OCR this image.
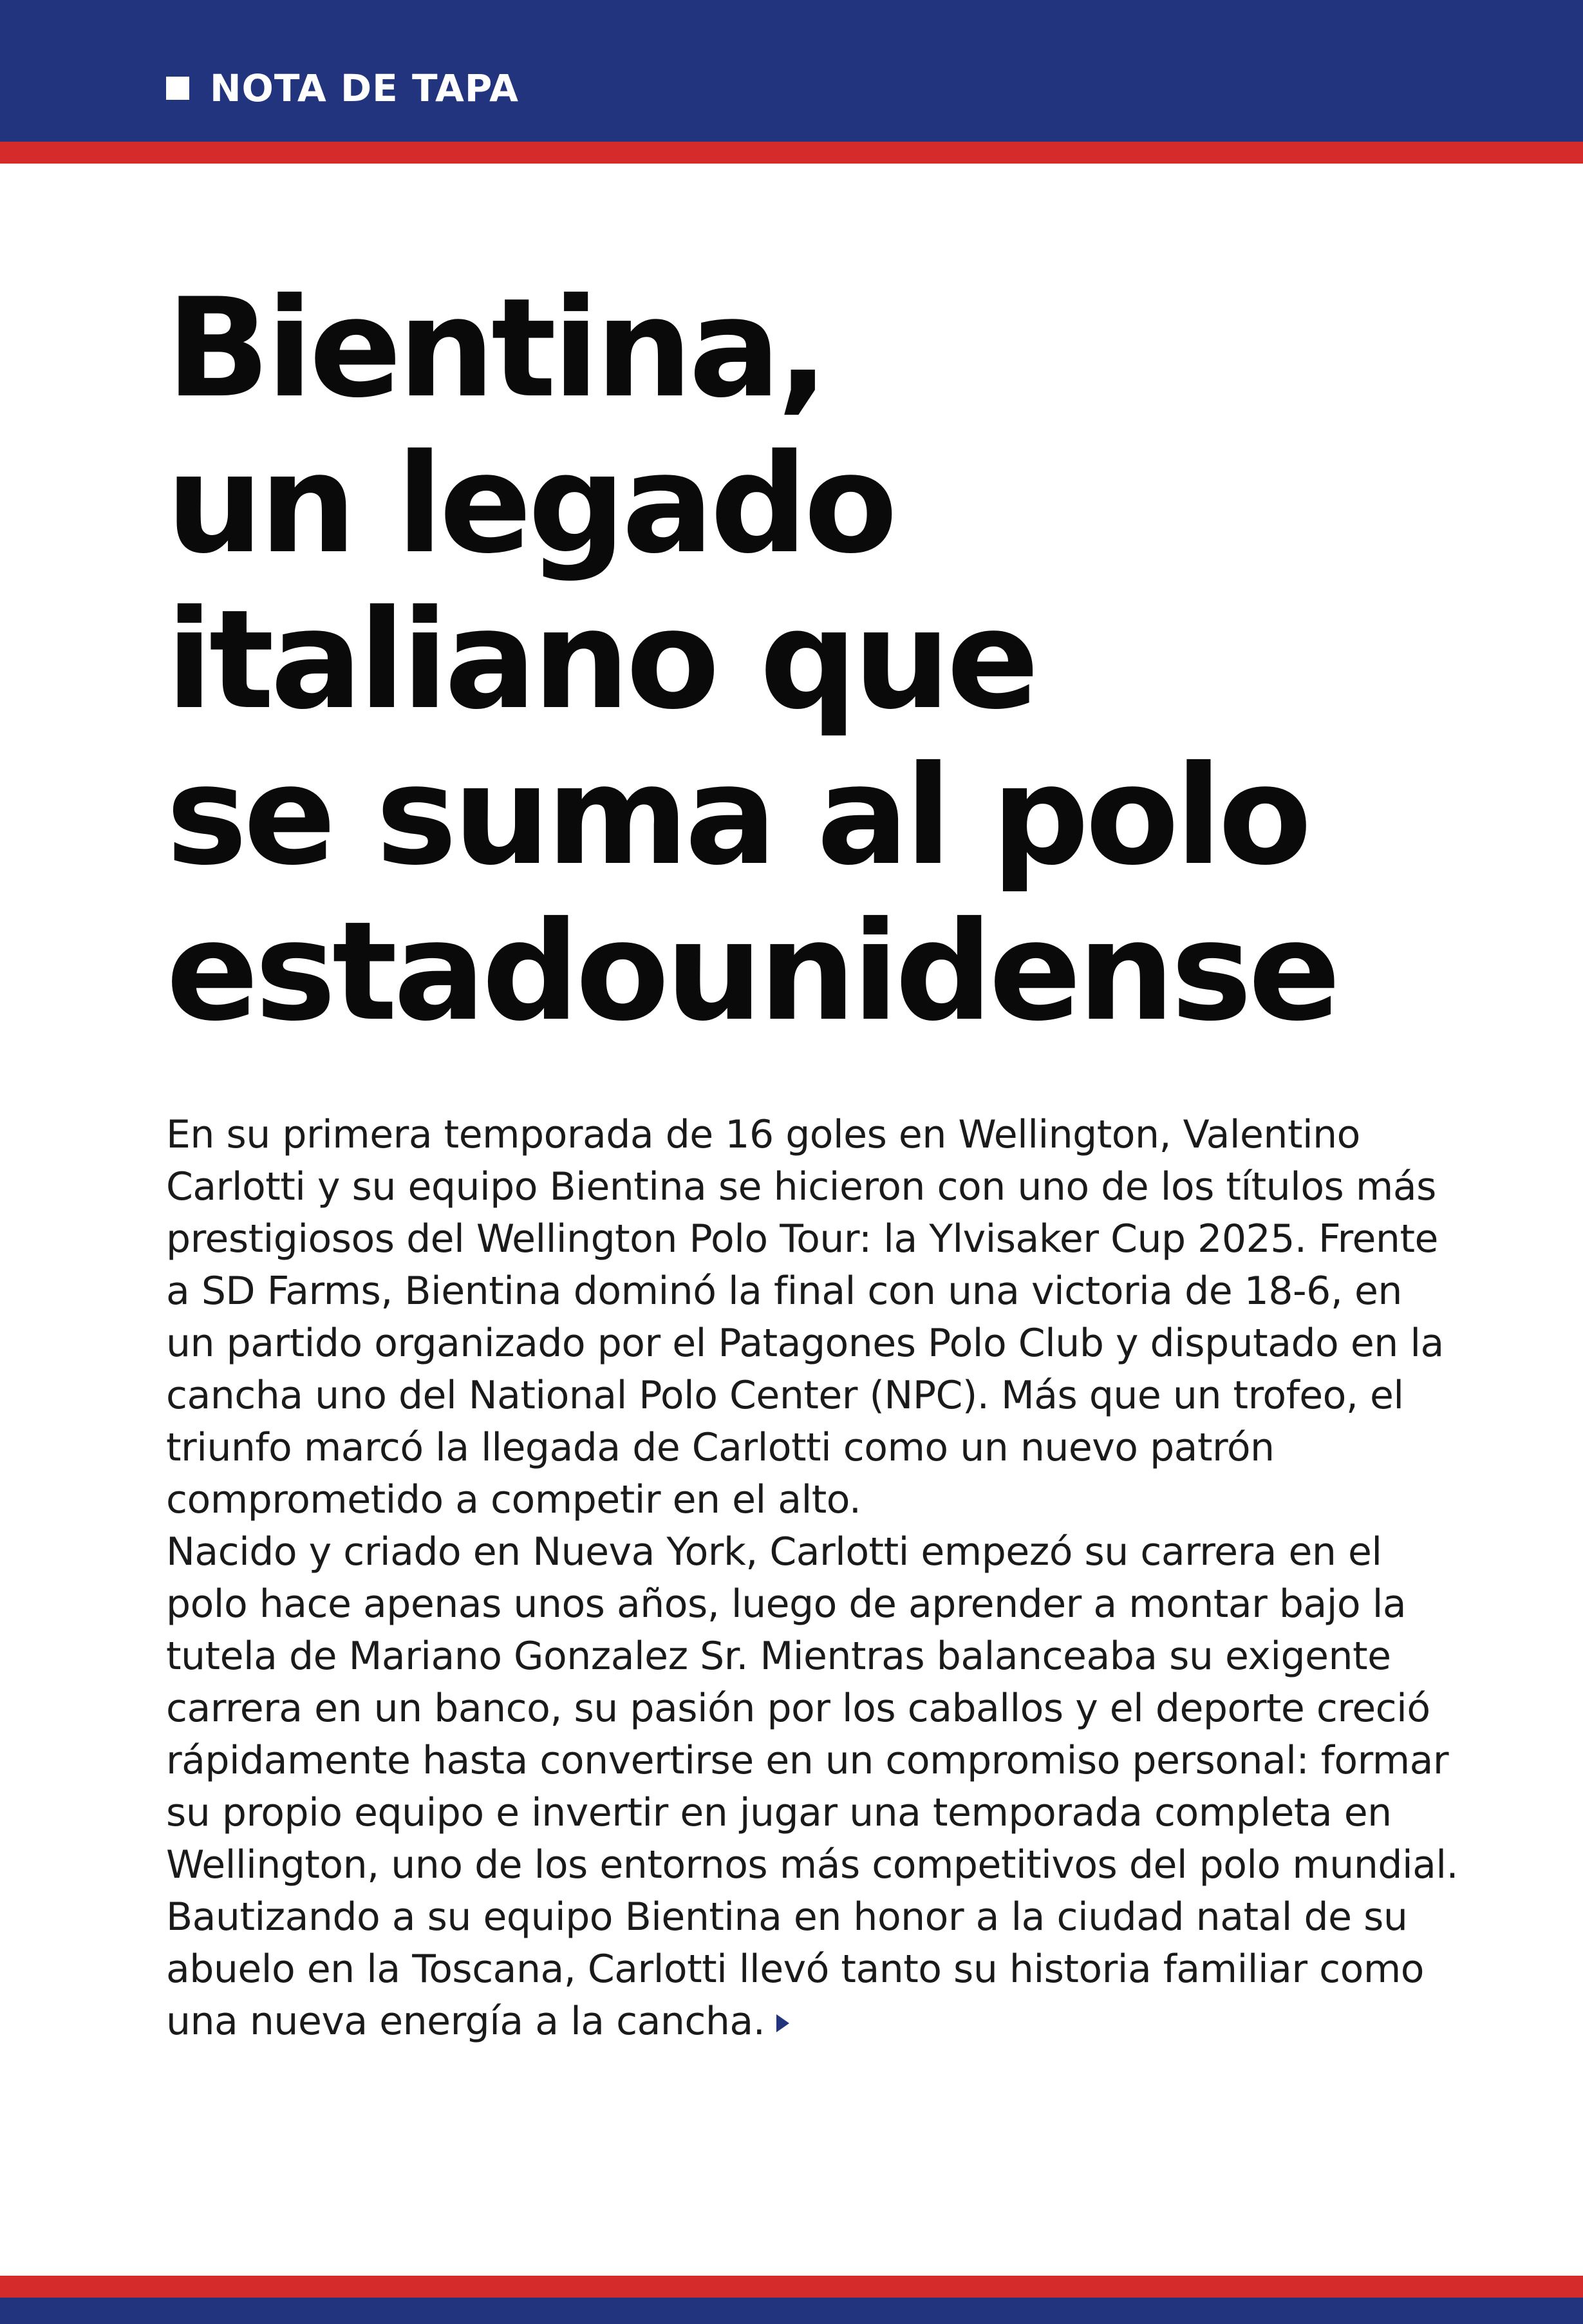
NOTA DE TAPA
Bientina,
un legado
italiano que
se suma al polo
estadounidense

En su primera temporada de 16 goles en Wellington, Valentino Carlotti y su equipo Bientina se hicieron con uno de los títulos más prestigiosos del Wellington Polo Tour: la Ylvisaker Cup 2025. Frente a SD Farms, Bientina dominó la final con una victoria de 18-6, en un partido organizado por el Patagones Polo Club y disputado en la cancha uno del National Polo Center (NPC). Más que un trofeo, el triunfo marcó la llegada de Carlotti como un nuevo patrón comprometido a competir en el alto.

Nacido y criado en Nueva York, Carlotti empezó su carrera en el polo hace apenas unos años, luego de aprender a montar bajo la tutela de Mariano Gonzalez Sr. Mientras balanceaba su exigente carrera en un banco, su pasión por los caballos y el deporte creció rápidamente hasta convertirse en un compromiso personal: formar su propio equipo e invertir en jugar una temporada completa en Wellington, uno de los entornos más competitivos del polo mundial. Bautizando a su equipo Bientina en honor a la ciudad natal de su abuelo en la Toscana, Carlotti llevó tanto su historia familiar como una nueva energía a la cancha.
